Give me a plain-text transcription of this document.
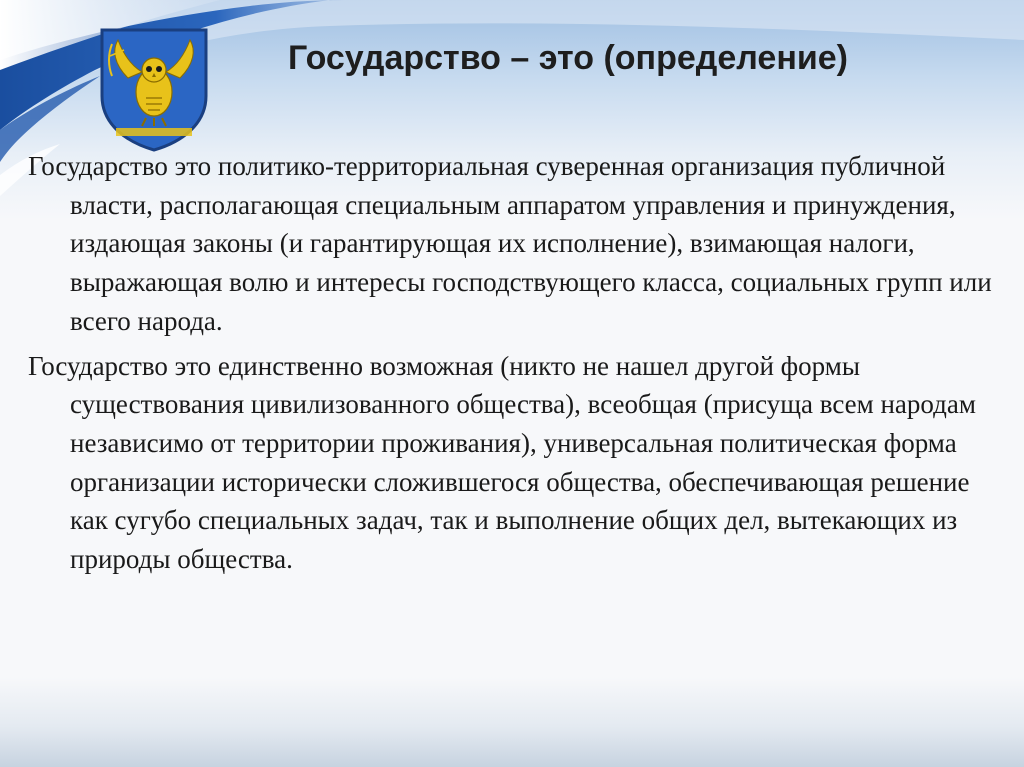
Государство – это (определение)

Государство это политико-территориальная суверенная организация публичной власти, располагающая специальным аппаратом управления и принуждения, издающая законы (и гарантирующая их исполнение), взимающая налоги, выражающая волю и интересы господствующего класса, социальных групп или всего народа.

Государство это единственно возможная (никто не нашел другой формы существования цивилизованного общества), всеобщая (присуща всем народам независимо от территории проживания), универсальная политическая форма организации исторически сложившегося общества, обеспечивающая решение как сугубо специальных задач, так и выполнение общих дел, вытекающих из природы общества.
